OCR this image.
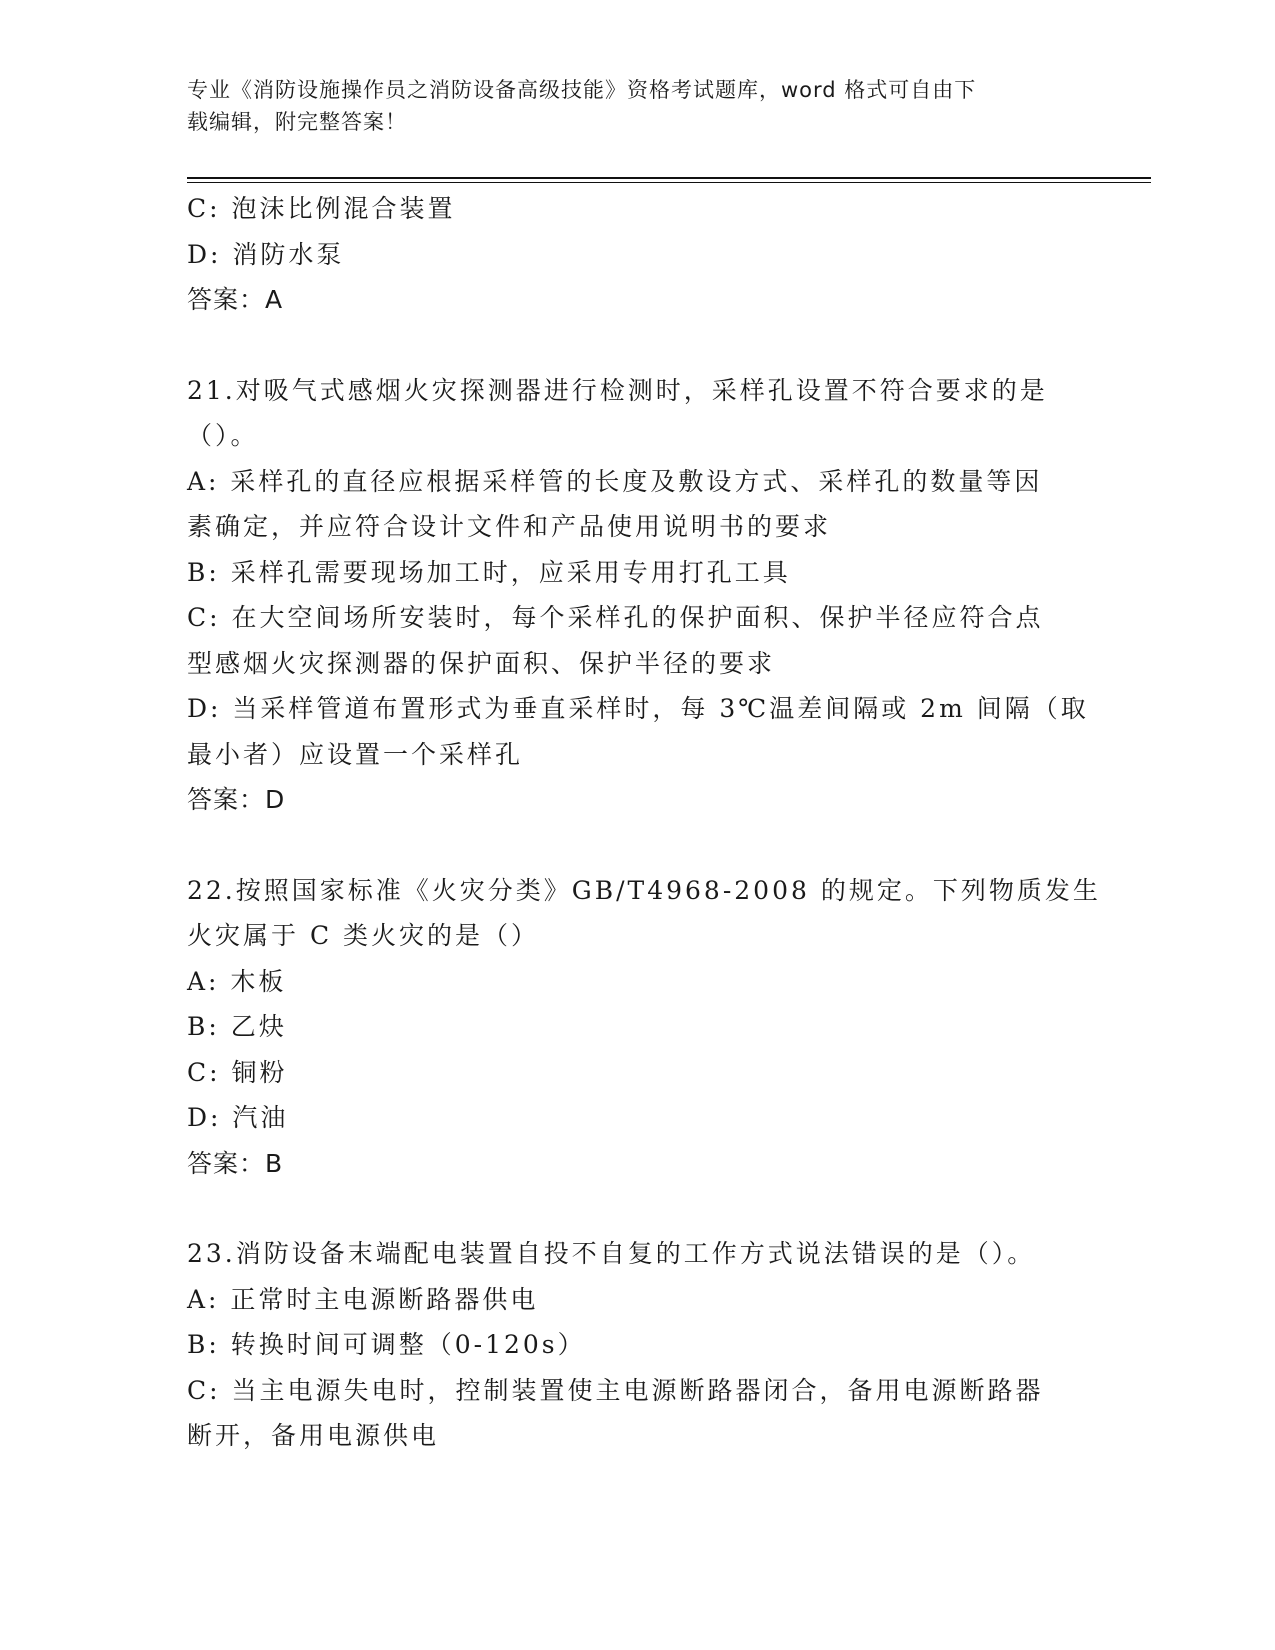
专业《消防设施操作员之消防设备高级技能》资格考试题库，word 格式可自由下
载编辑，附完整答案！
C: 泡沫比例混合装置
D: 消防水泵
答案：A
21.对吸气式感烟火灾探测器进行检测时，采样孔设置不符合要求的是
（）。
A: 采样孔的直径应根据采样管的长度及敷设方式、采样孔的数量等因
素确定，并应符合设计文件和产品使用说明书的要求
B: 采样孔需要现场加工时，应采用专用打孔工具
C: 在大空间场所安装时，每个采样孔的保护面积、保护半径应符合点
型感烟火灾探测器的保护面积、保护半径的要求
D: 当采样管道布置形式为垂直采样时，每 3℃温差间隔或 2m 间隔（取
最小者）应设置一个采样孔
答案：D
22.按照国家标准《火灾分类》GB/T4968-2008 的规定。下列物质发生
火灾属于 C 类火灾的是（）
A: 木板
B: 乙炔
C: 铜粉
D: 汽油
答案：B
23.消防设备末端配电装置自投不自复的工作方式说法错误的是（）。
A: 正常时主电源断路器供电
B: 转换时间可调整（0-120s）
C: 当主电源失电时，控制装置使主电源断路器闭合，备用电源断路器
断开，备用电源供电
